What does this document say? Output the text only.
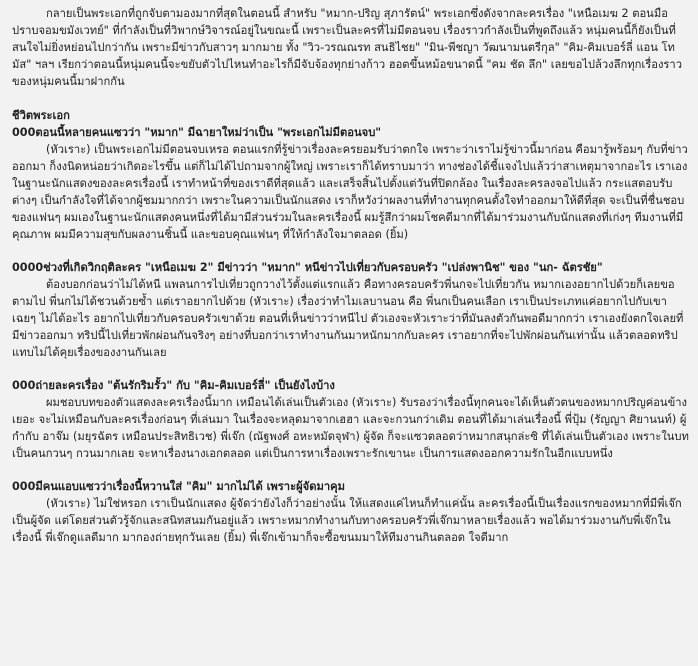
กลายเป็นพระเอกที่ถูกจับตามองมากที่สุดในตอนนี้ สำหรับ "หมาก-ปริญ สุภารัตน์" พระเอกซึ่งดังจากละครเรื่อง "เหนือเมฆ 2 ตอนมือปราบจอมขมังเวทย์" ที่กำลังเป็นที่วิพากษ์วิจารณ์อยู่ในขณะนี้ เพราะเป็นละครที่ไม่มีตอนจบ เรื่องราวกำลังเป็นที่พูดถึงแล้ว หนุ่มคนนี้ก็ยังเป็นที่สนใจไม่ยิ่งหย่อนไปกว่ากัน เพราะมีข่าวกับสาวๆ มากมาย ทั้ง "วิว-วรณณรท สนธิไชย" "มิน-พีชญา วัฒนามนตรีกุล" "คิม-คิมเบอร์ลี่ แอน โทมัส" ฯลฯ เรียกว่าตอนนี้หนุ่มคนนี้จะขยับตัวไปไหนทำอะไรก็มีจับจ้องทุกย่างก้าว ฮอตขึ้นหม้อขนาดนี้ "คม ชัด ลึก" เลยขอไปล้วงลึกทุกเรื่องราวของหนุ่มคนนี้มาฝากกัน

ชีวิตพระเอก

000ตอนนี้หลายคนแซวว่า "หมาก" มีฉายาใหม่ว่าเป็น "พระเอกไม่มีตอนจบ"

(หัวเราะ) เป็นพระเอกไม่มีตอนจบเหรอ ตอนแรกที่รู้ข่าวเรื่องละครยอมรับว่าตกใจ เพราะว่าเราไม่รู้ข่าวนี้มาก่อน คือมารู้พร้อมๆ กับที่ข่าวออกมา ก็งงนิดหน่อยว่าเกิดอะไรขึ้น แต่ก็ไม่ได้ไปถามจากผู้ใหญ่ เพราะเราก็ได้ทราบมาว่า ทางช่องได้ชี้แจงไปแล้วว่าสาเหตุมาจากอะไร เราเองในฐานะนักแสดงของละครเรื่องนี้ เราทำหน้าที่ของเราดีที่สุดแล้ว และเสร็จสิ้นไปตั้งแต่วันที่ปิดกล้อง ในเรื่องละครลงจอไปแล้ว กระแสตอบรับต่างๆ เป็นกำลังใจที่ได้จากผู้ชมมากกว่า เพราะในความเป็นนักแสดง เราก็หวังว่าผลงานที่ทำงานทุกคนตั้งใจทำออกมาให้ดีที่สุด จะเป็นที่ชื่นชอบของแฟนๆ ผมเองในฐานะนักแสดงคนหนึ่งที่ได้มามีส่วนร่วมในละครเรื่องนี้ ผมรู้สึกว่าผมโชคดีมากที่ได้มาร่วมงานกับนักแสดงที่เก่งๆ ทีมงานที่มีคุณภาพ ผมมีความสุขกับผลงานชิ้นนี้ และขอบคุณแฟนๆ ที่ให้กำลังใจมาตลอด (ยิ้ม)

0000ช่วงที่เกิดวิกฤติละคร "เหนือเมฆ 2" มีข่าวว่า "หมาก" หนีข่าวไปเที่ยวกับครอบครัว "เปล่งพานิช" ของ "นก- ฉัตรชัย"

ต้องบอกก่อนว่าไม่ได้หนี แพลนการไปเที่ยวถูกวางไว้ตั้งแต่แรกแล้ว คือทางครอบครัวพี่นกจะไปเที่ยวกัน หมากเองอยากไปด้วยก็เลยขอตามไป พี่นกไม่ได้ชวนด้วยซ้ำ แต่เราอยากไปด้วย (หัวเราะ) เรื่องว่าทำไมเลบานอน คือ พี่นกเป็นคนเลือก เราเป็นประเภทแค่อยากไปกับเขาเฉยๆ ไม่ได้อะไร อยากไปเที่ยวกับครอบครัวเขาด้วย ตอนที่เห็นข่าวว่าหนีไป ตัวเองจะหัวเราะว่าที่มันลงตัวกันพอดีมากกว่า เราเองยังตกใจเลยที่มีข่าวออกมา ทริปนี้ไปเที่ยวพักผ่อนกันจริงๆ อย่างที่บอกว่าเราทำงานกันมาหนักมากกับละคร เราอยากที่จะไปพักผ่อนกันเท่านั้น แล้วตลอดทริปแทบไม่ได้คุยเรื่องของงานกันเลย

000ถ่ายละครเรื่อง "ต้นรักริมรั้ว" กับ "คิม-คิมเบอร์ลี่" เป็นยังไงบ้าง

ผมชอบบทของตัวแสดงละครเรื่องนี้มาก เหมือนได้เล่นเป็นตัวเอง (หัวเราะ) รับรองว่าเรื่องนี้ทุกคนจะได้เห็นตัวตนของหมากปริญค่อนข้างเยอะ จะไม่เหมือนกับละครเรื่องก่อนๆ ที่เล่นมา ในเรื่องจะหลุดมาจากเฮฮา และจะกวนกว่าเดิม ตอนที่ได้มาเล่นเรื่องนี้ พี่ปุ้ม (รัญญา ศิยานนท์) ผู้กำกับ อาจ๊ม (มยุรฉัตร เหมือนประสิทธิเวช) พี่เจ๊ก (ณัฐพงศ์ อหะหมัดจุฬา) ผู้จัด ก็จะแซวตลอดว่าหมากสนุกล่ะซิ ที่ได้เล่นเป็นตัวเอง เพราะในบทเป็นคนกวนๆ กวนมากเลย จะหาเรื่องนางเอกตลอด แต่เป็นการหาเรื่องเพราะรักเขานะ เป็นการแสดงออกความรักในอีกแบบหนึ่ง

000มีคนแอบแซวว่าเรื่องนี้หวานใส่ "คิม" มากไม่ได้ เพราะผู้จัดมาคุม

(หัวเราะ) ไม่ใช่หรอก เราเป็นนักแสดง ผู้จัดว่ายังไงก็ว่าอย่างนั้น ให้แสดงแค่ไหนก็ทำแค่นั้น ละครเรื่องนี้เป็นเรื่องแรกของหมากที่มีพี่เจ๊กเป็นผู้จัด แต่โดยส่วนตัวรู้จักและสนิทสนมกันอยู่แล้ว เพราะหมากทำงานกับทางครอบครัวพี่เจ๊กมาหลายเรื่องแล้ว พอได้มาร่วมงานกับพี่เจ๊กในเรื่องนี้ พี่เจ๊กดูแลดีมาก มากองถ่ายทุกวันเลย (ยิ้ม) พี่เจ๊กเข้ามาก็จะซื้อขนมมาให้ทีมงานกินตลอด ใจดีมาก
